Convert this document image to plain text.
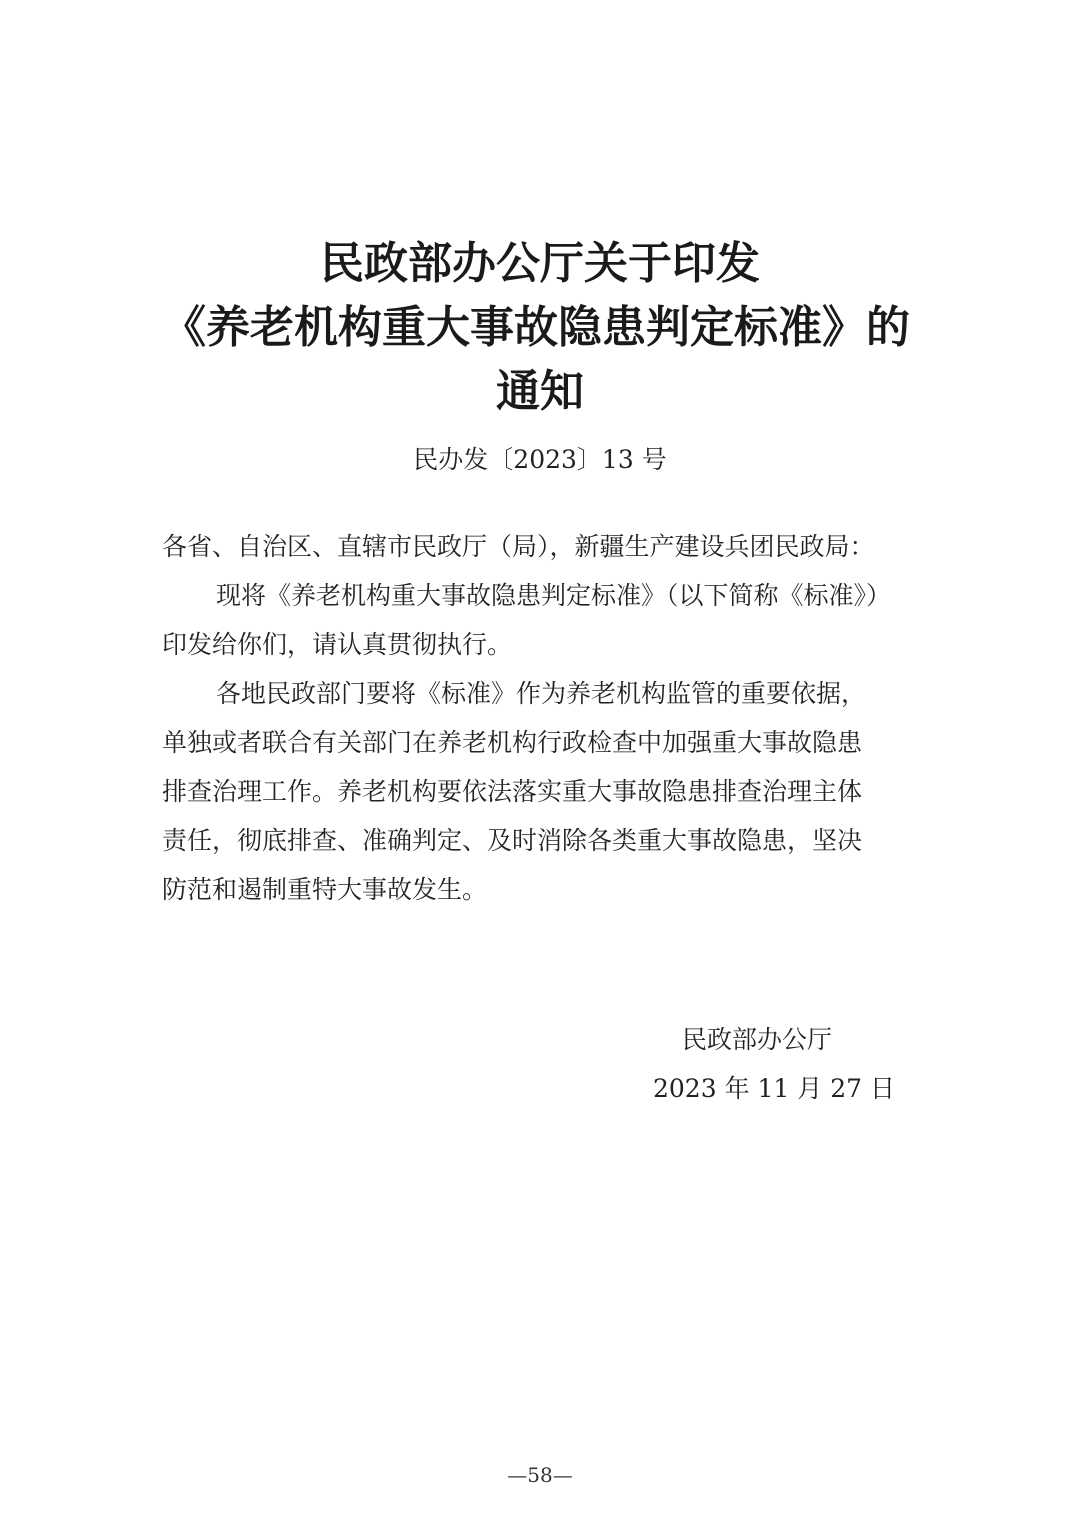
民政部办公厅关于印发
《养老机构重大事故隐患判定标准》的
通知
民办发〔2023〕13 号
各省、自治区、直辖市民政厅（局），新疆生产建设兵团民政局：
现将《养老机构重大事故隐患判定标准》（以下简称《标准》）
印发给你们，请认真贯彻执行。
各地民政部门要将《标准》作为养老机构监管的重要依据，
单独或者联合有关部门在养老机构行政检查中加强重大事故隐患
排查治理工作。养老机构要依法落实重大事故隐患排查治理主体
责任，彻底排查、准确判定、及时消除各类重大事故隐患，坚决
防范和遏制重特大事故发生。
民政部办公厅
2023 年 11 月 27 日
—58—
